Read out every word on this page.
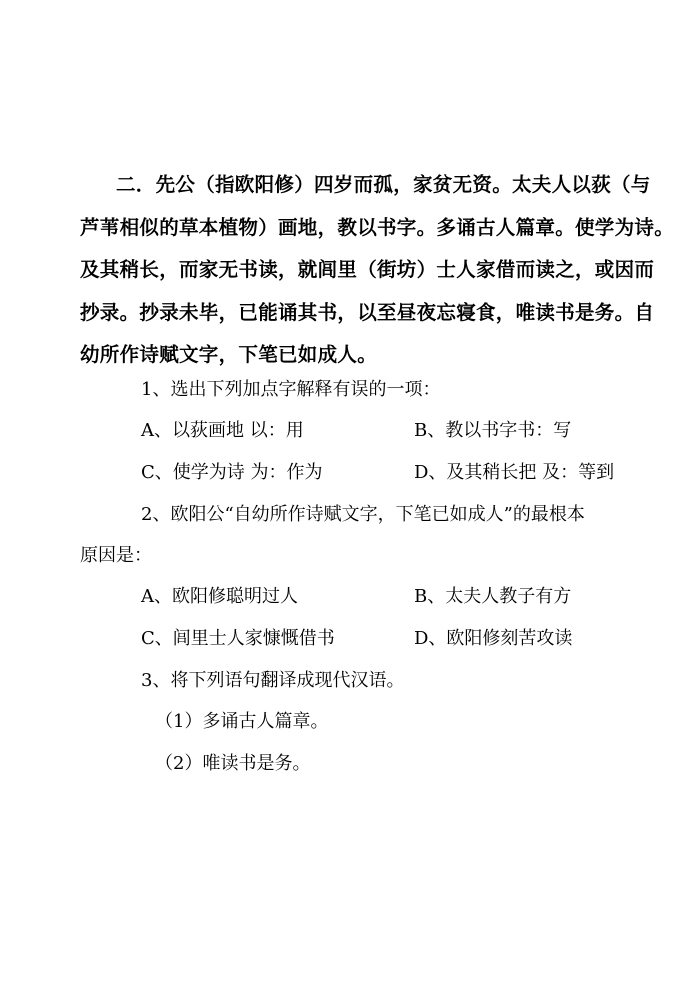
二．先公（指欧阳修）四岁而孤，家贫无资。太夫人以荻（与
芦苇相似的草本植物）画地，教以书字。多诵古人篇章。使学为诗。
及其稍长，而家无书读，就闾里（街坊）士人家借而读之，或因而
抄录。抄录未毕，已能诵其书，以至昼夜忘寝食，唯读书是务。自
幼所作诗赋文字，下笔已如成人。
1、选出下列加点字解释有误的一项：
A、以荻画地 以：用	B、教以书字书：写
C、使学为诗 为：作为	D、及其稍长把 及：等到
2、欧阳公“自幼所作诗赋文字，下笔已如成人”的最根本
原因是：
A、欧阳修聪明过人	B、太夫人教子有方
C、闾里士人家慷慨借书	D、欧阳修刻苦攻读
3、将下列语句翻译成现代汉语。
（1）多诵古人篇章。
（2）唯读书是务。
